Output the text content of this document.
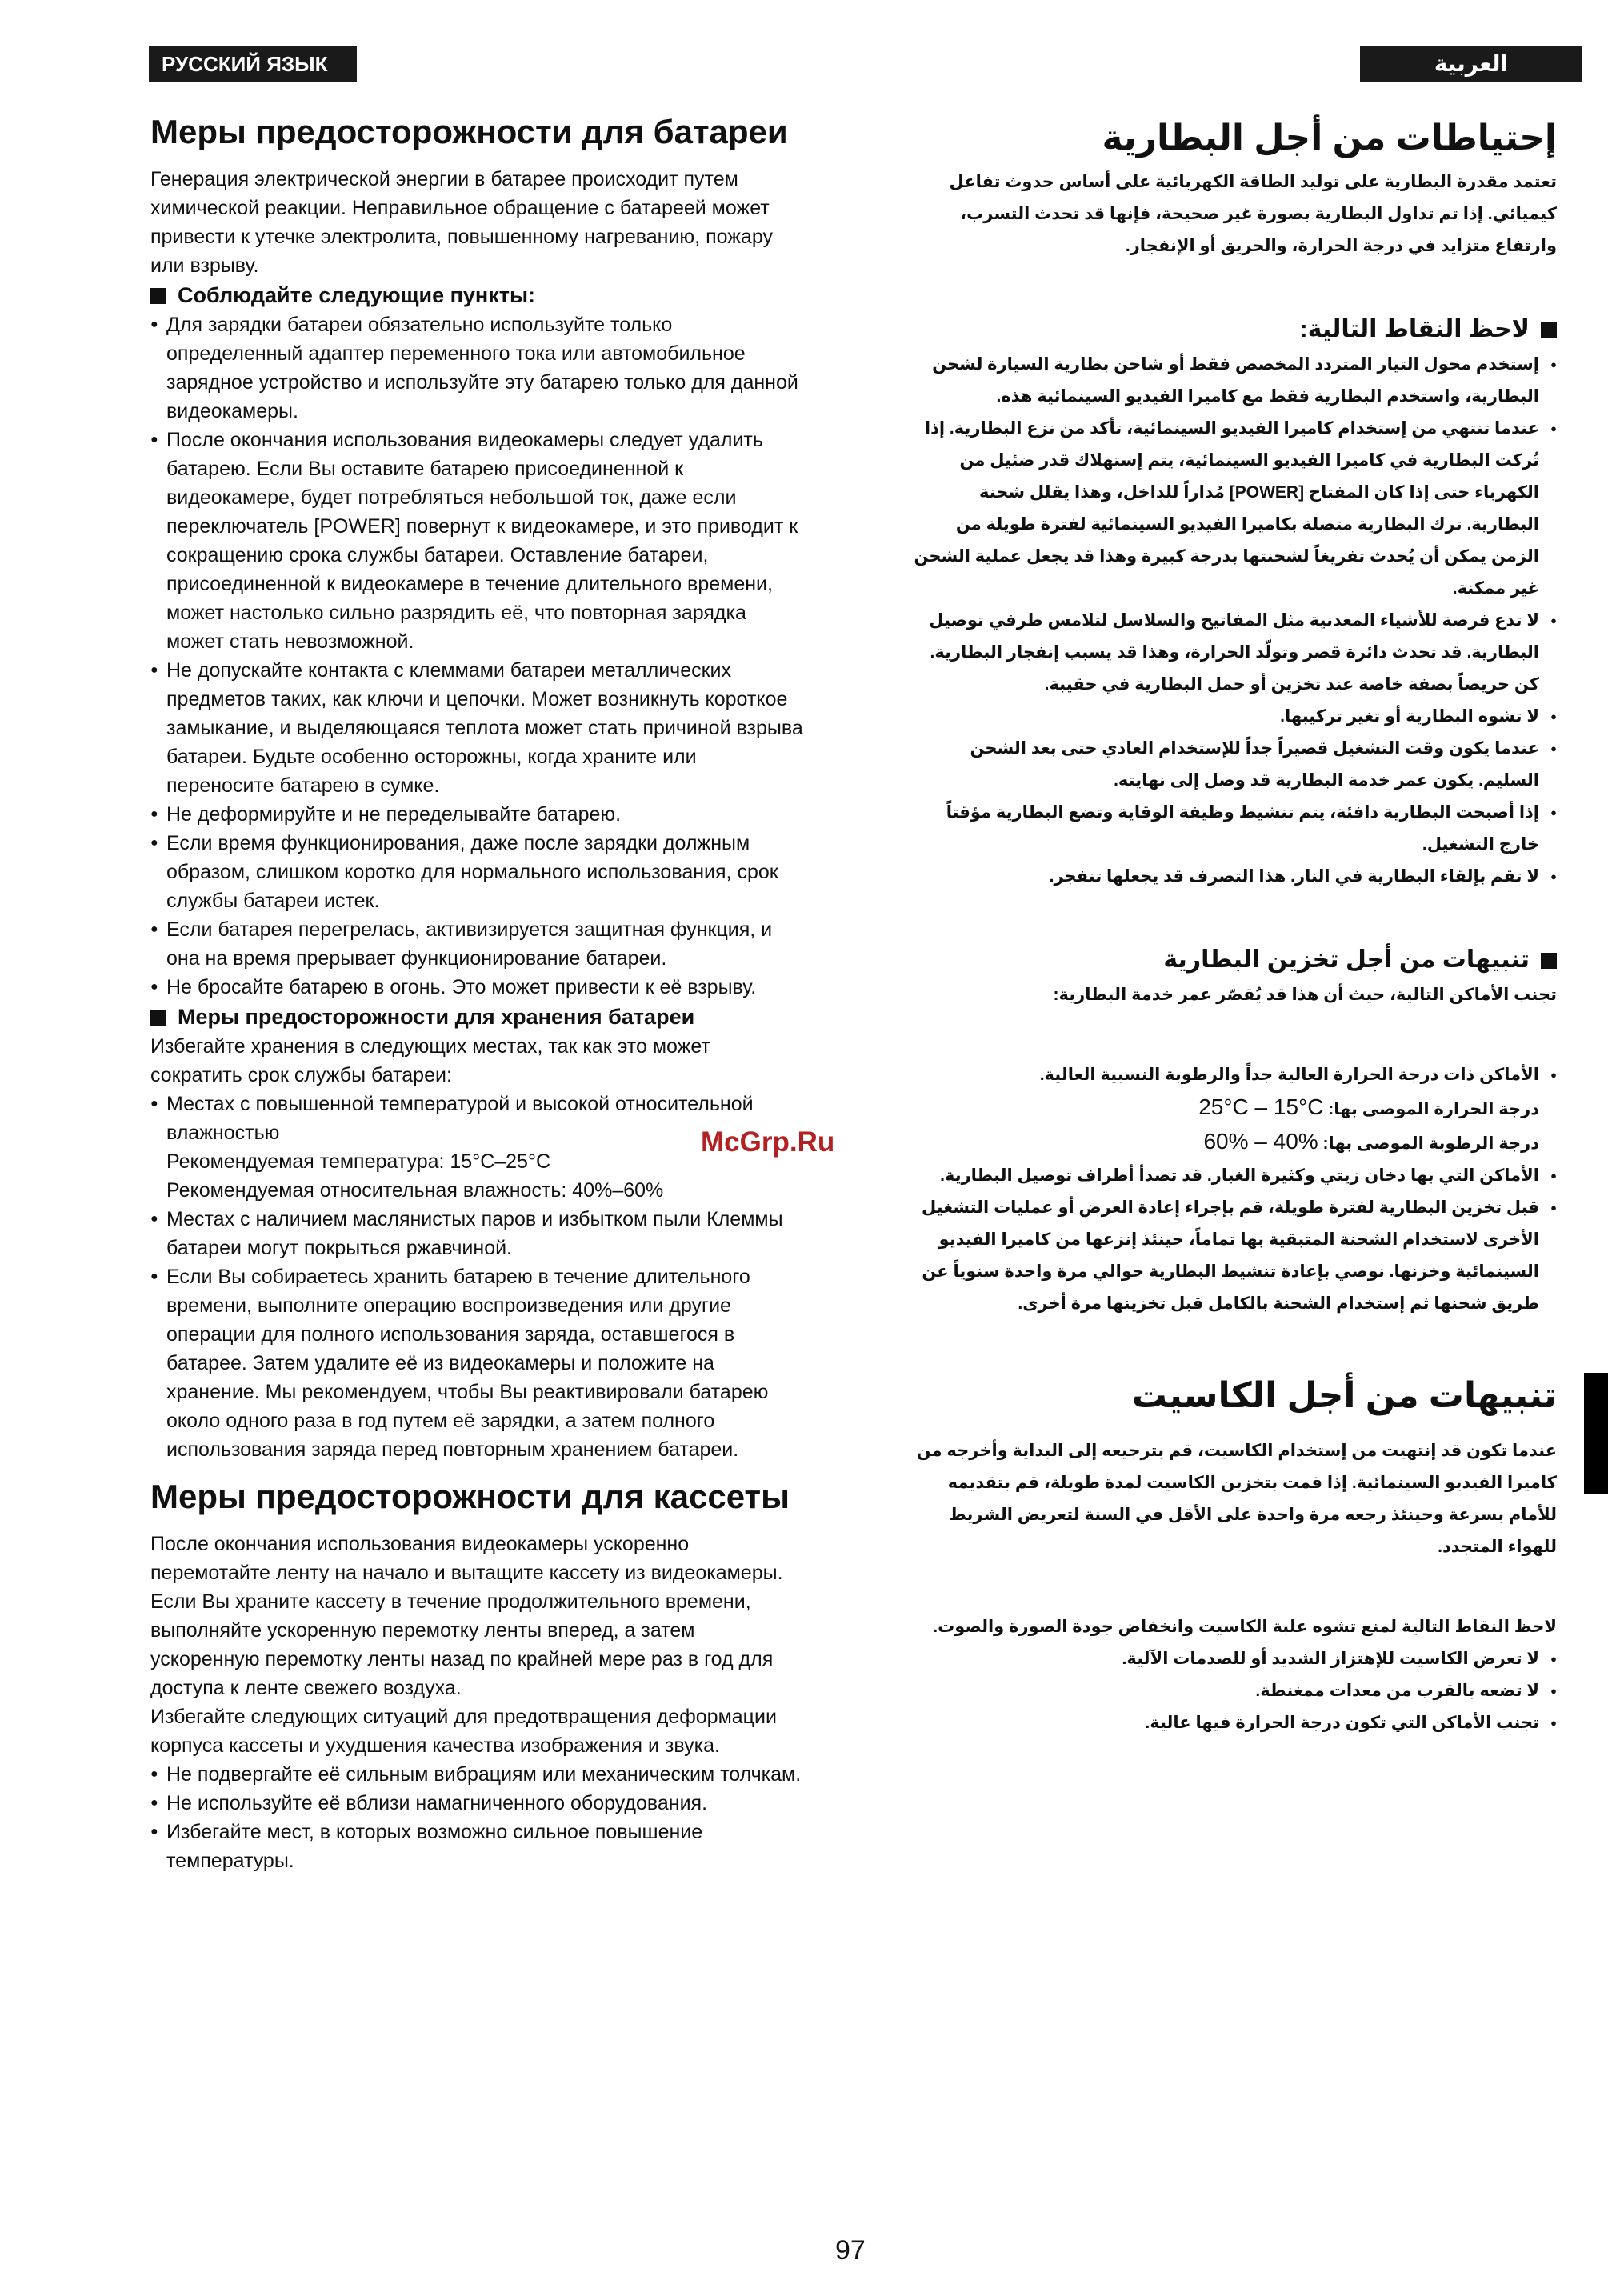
РУССКИЙ ЯЗЫК	العربية
Меры предосторожности для батареи

Генерация электрической энергии в батарее происходит путем химической реакции. Неправильное обращение с батареей может привести к утечке электролита, повышенному нагреванию, пожару или взрыву.

Соблюдайте следующие пункты:
● Для зарядки батареи обязательно используйте только определенный адаптер переменного тока или автомобильное зарядное устройство и используйте эту батарею только для данной видеокамеры.
● После окончания использования видеокамеры следует удалить батарею. Если Вы оставите батарею присоединенной к видеокамере, будет потребляться небольшой ток, даже если переключатель [POWER] повернут к видеокамере, и это приводит к сокращению срока службы батареи. Оставление батареи, присоединенной к видеокамере в течение длительного времени, может настолько сильно разрядить её, что повторная зарядка может стать невозможной.
● Не допускайте контакта с клеммами батареи металлических предметов таких, как ключи и цепочки. Может возникнуть короткое замыкание, и выделяющаяся теплота может стать причиной взрыва батареи. Будьте особенно осторожны, когда храните или переносите батарею в сумке.
● Не деформируйте и не переделывайте батарею.
● Если время функционирования, даже после зарядки должным образом, слишком коротко для нормального использования, срок службы батареи истек.
● Если батарея перегрелась, активизируется защитная функция, и она на время прерывает функционирование батареи.
● Не бросайте батарею в огонь. Это может привести к её взрыву.
Меры предосторожности для хранения батареи

Избегайте хранения в следующих местах, так как это может сократить срок службы батареи:

● Местах с повышенной температурой и высокой относительной влажностью
Рекомендуемая температура: 15°C–25°C
Рекомендуемая относительная влажность: 40%–60%
● Местах с наличием маслянистых паров и избытком пыли Клеммы батареи могут покрыться ржавчиной.
● Если Вы собираетесь хранить батарею в течение длительного времени, выполните операцию воспроизведения или другие операции для полного использования заряда, оставшегося в батарее. Затем удалите её из видеокамеры и положите на хранение. Мы рекомендуем, чтобы Вы реактивировали батарею около одного раза в год путем её зарядки, а затем полного использования заряда перед повторным хранением батареи.
Меры предосторожности для кассеты

После окончания использования видеокамеры ускоренно перемотайте ленту на начало и вытащите кассету из видеокамеры. Если Вы храните кассету в течение продолжительного времени, выполняйте ускоренную перемотку ленты вперед, а затем ускоренную перемотку ленты назад по крайней мере раз в год для доступа к ленте свежего воздуха.

Избегайте следующих ситуаций для предотвращения деформации корпуса кассеты и ухудшения качества изображения и звука.

● Не подвергайте её сильным вибрациям или механическим толчкам.
● Не используйте её вблизи намагниченного оборудования.
● Избегайте мест, в которых возможно сильное повышение температуры.
إحتياطات من أجل البطارية

تعتمد مقدرة البطارية على توليد الطاقة الكهربائية على أساس حدوث تفاعل كيميائي. إذا تم تداول البطارية بصورة غير صحيحة، فإنها قد تحدث التسرب، وارتفاع متزايد في درجة الحرارة، والحريق أو الإنفجار.

لاحظ النقاط التالية:
● إستخدم محول التيار المتردد المخصص فقط أو شاحن بطارية السيارة لشحن البطارية، واستخدم البطارية فقط مع كاميرا الفيديو السينمائية هذه.
● عندما تنتهي من إستخدام كاميرا الفيديو السينمائية، تأكد من نزع البطارية. إذا تُركت البطارية في كاميرا الفيديو السينمائية، يتم إستهلاك قدر ضئيل من الكهرباء حتى إذا كان المفتاح [POWER] مُداراً للداخل، وهذا يقلل شحنة البطارية. ترك البطارية متصلة بكاميرا الفيديو السينمائية لفترة طويلة من الزمن يمكن أن يُحدث تفريغاً لشحنتها بدرجة كبيرة وهذا قد يجعل عملية الشحن غير ممكنة.
● لا تدع فرصة للأشياء المعدنية مثل المفاتيح والسلاسل لتلامس طرفي توصيل البطارية. قد تحدث دائرة قصر وتولّد الحرارة، وهذا قد يسبب إنفجار البطارية. كن حريصاً بصفة خاصة عند تخزين أو حمل البطارية في حقيبة.
● لا تشوه البطارية أو تغير تركيبها.
● عندما يكون وقت التشغيل قصيراً جداً للإستخدام العادي حتى بعد الشحن السليم. يكون عمر خدمة البطارية قد وصل إلى نهايته.
● إذا أصبحت البطارية دافئة، يتم تنشيط وظيفة الوقاية وتضع البطارية مؤقتاً خارج التشغيل.
● لا تقم بإلقاء البطارية في النار. هذا التصرف قد يجعلها تنفجر.
تنبيهات من أجل تخزين البطارية

تجنب الأماكن التالية، حيث أن هذا قد يُقصّر عمر خدمة البطارية:

● الأماكن ذات درجة الحرارة العالية جداً والرطوبة النسبية العالية.
درجة الحرارة الموصى بها: 25°C – 15°C
درجة الرطوبة الموصى بها: 60% – 40%
● الأماكن التي بها دخان زيتي وكثيرة الغبار. قد تصدأ أطراف توصيل البطارية.
● قبل تخزين البطارية لفترة طويلة، قم بإجراء إعادة العرض أو عمليات التشغيل الأخرى لاستخدام الشحنة المتبقية بها تماماً، حينئذ إنزعها من كاميرا الفيديو السينمائية وخزنها. نوصي بإعادة تنشيط البطارية حوالي مرة واحدة سنوياً عن طريق شحنها ثم إستخدام الشحنة بالكامل قبل تخزينها مرة أخرى.
تنبيهات من أجل الكاسيت

عندما تكون قد إنتهيت من إستخدام الكاسيت، قم بترجيعه إلى البداية وأخرجه من كاميرا الفيديو السينمائية. إذا قمت بتخزين الكاسيت لمدة طويلة، قم بتقديمه للأمام بسرعة وحينئذ رجعه مرة واحدة على الأقل في السنة لتعريض الشريط للهواء المتجدد.

لاحظ النقاط التالية لمنع تشوه علبة الكاسيت وانخفاض جودة الصورة والصوت.

● لا تعرض الكاسيت للإهتزاز الشديد أو للصدمات الآلية.
● لا تضعه بالقرب من معدات ممغنطة.
● تجنب الأماكن التي تكون درجة الحرارة فيها عالية.
McGrp.Ru
97
